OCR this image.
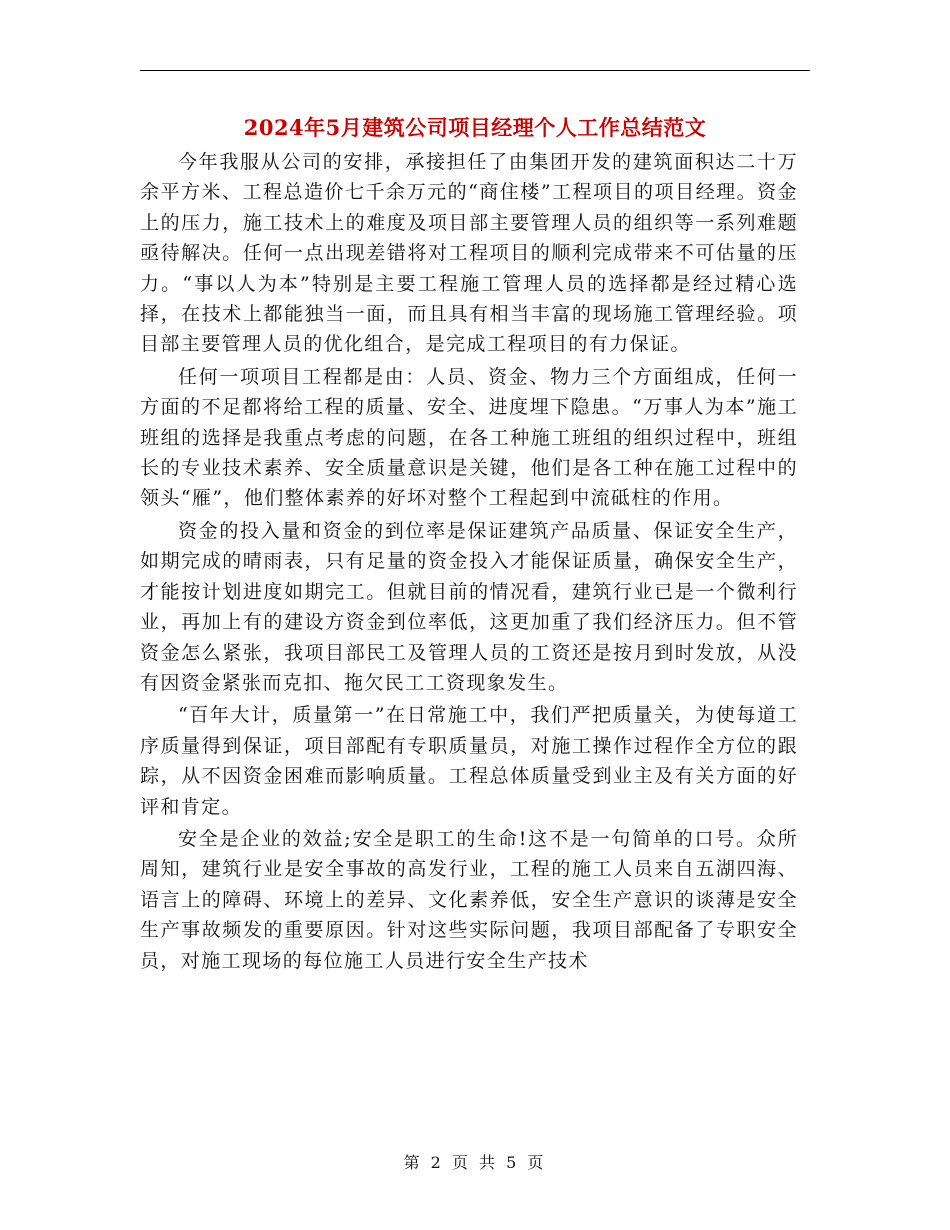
2024年5月建筑公司项目经理个人工作总结范文

今年我服从公司的安排，承接担任了由集团开发的建筑面积达二十万余平方米、工程总造价七千余万元的“商住楼”工程项目的项目经理。资金上的压力，施工技术上的难度及项目部主要管理人员的组织等一系列难题亟待解决。任何一点出现差错将对工程项目的顺利完成带来不可估量的压力。“事以人为本”特别是主要工程施工管理人员的选择都是经过精心选择，在技术上都能独当一面，而且具有相当丰富的现场施工管理经验。项目部主要管理人员的优化组合，是完成工程项目的有力保证。

任何一项项目工程都是由：人员、资金、物力三个方面组成，任何一方面的不足都将给工程的质量、安全、进度埋下隐患。“万事人为本”施工班组的选择是我重点考虑的问题，在各工种施工班组的组织过程中，班组长的专业技术素养、安全质量意识是关键，他们是各工种在施工过程中的领头“雁”，他们整体素养的好坏对整个工程起到中流砥柱的作用。

资金的投入量和资金的到位率是保证建筑产品质量、保证安全生产，如期完成的晴雨表，只有足量的资金投入才能保证质量，确保安全生产，才能按计划进度如期完工。但就目前的情况看，建筑行业已是一个微利行业，再加上有的建设方资金到位率低，这更加重了我们经济压力。但不管资金怎么紧张，我项目部民工及管理人员的工资还是按月到时发放，从没有因资金紧张而克扣、拖欠民工工资现象发生。

“百年大计，质量第一”在日常施工中，我们严把质量关，为使每道工序质量得到保证，项目部配有专职质量员，对施工操作过程作全方位的跟踪，从不因资金困难而影响质量。工程总体质量受到业主及有关方面的好评和肯定。

安全是企业的效益;安全是职工的生命!这不是一句简单的口号。众所周知，建筑行业是安全事故的高发行业，工程的施工人员来自五湖四海、语言上的障碍、环境上的差异、文化素养低，安全生产意识的谈薄是安全生产事故频发的重要原因。针对这些实际问题，我项目部配备了专职安全员，对施工现场的每位施工人员进行安全生产技术

第 2 页 共 5 页
